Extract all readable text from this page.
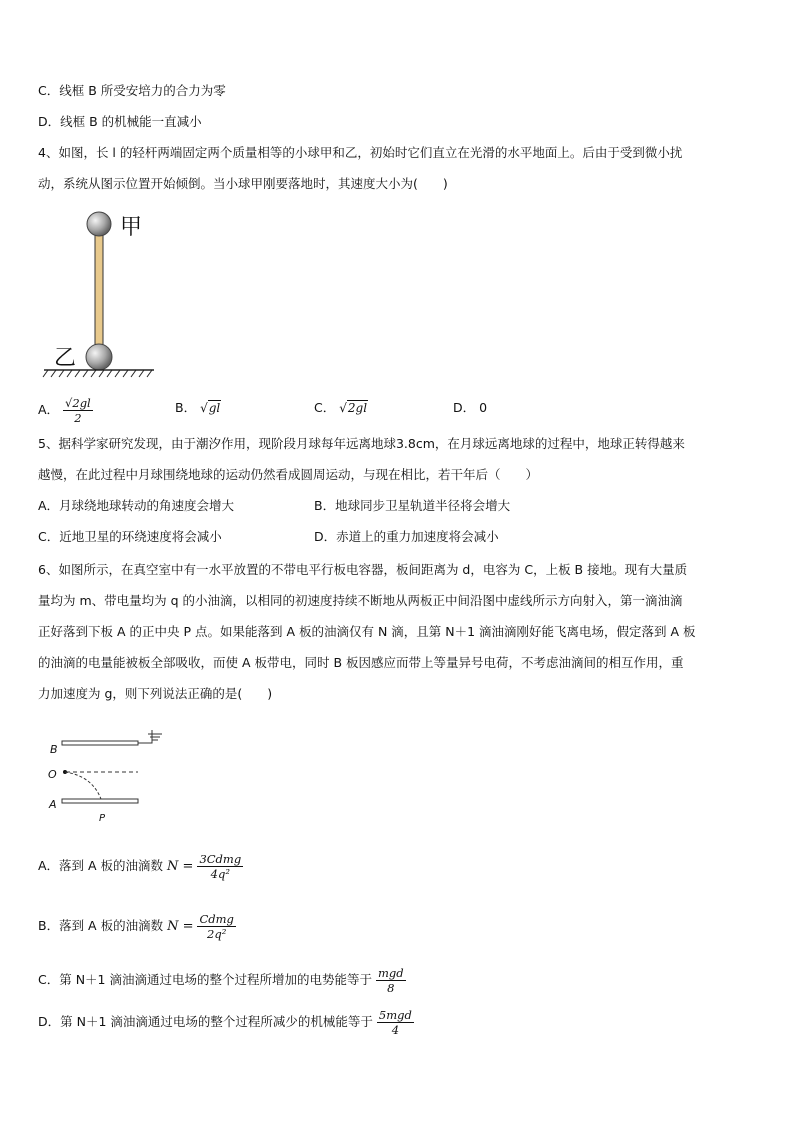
C．线框 B 所受安培力的合力为零
D．线框 B 的机械能一直减小
4、如图，长 l 的轻杆两端固定两个质量相等的小球甲和乙，初始时它们直立在光滑的水平地面上。后由于受到微小扰
动，系统从图示位置开始倾倒。当小球甲刚要落地时，其速度大小为(　　)
甲
乙
A． $\frac{√2gl}{2}$	B． √gl	C． √2gl	D． 0
5、据科学家研究发现，由于潮汐作用，现阶段月球每年远离地球3.8cm，在月球远离地球的过程中，地球正转得越来
越慢，在此过程中月球围绕地球的运动仍然看成圆周运动，与现在相比，若干年后（　　）
A．月球绕地球转动的角速度会增大	B．地球同步卫星轨道半径将会增大
C．近地卫星的环绕速度将会减小	D．赤道上的重力加速度将会减小
6、如图所示，在真空室中有一水平放置的不带电平行板电容器，板间距离为 d，电容为 C，上板 B 接地。现有大量质
量均为 m、带电量均为 q 的小油滴，以相同的初速度持续不断地从两板正中间沿图中虚线所示方向射入，第一滴油滴
正好落到下板 A 的正中央 P 点。如果能落到 A 板的油滴仅有 N 滴，且第 N＋1 滴油滴刚好能飞离电场，假定落到 A 板
的油滴的电量能被板全部吸收，而使 A 板带电，同时 B 板因感应而带上等量异号电荷，不考虑油滴间的相互作用，重
力加速度为 g，则下列说法正确的是(　　)
B
O
A
P
A．落到 A 板的油滴数 $N = \frac{\text{3Cdmg}}{\text{4q²}}$
B．落到 A 板的油滴数 $N = \frac{\text{Cdmg}}{\text{2q²}}$
C．第 N＋1 滴油滴通过电场的整个过程所增加的电势能等于 $\frac{\text{mgd}}{8}$
D．第 N＋1 滴油滴通过电场的整个过程所减少的机械能等于 $\frac{\text{5mgd}}{4}$
